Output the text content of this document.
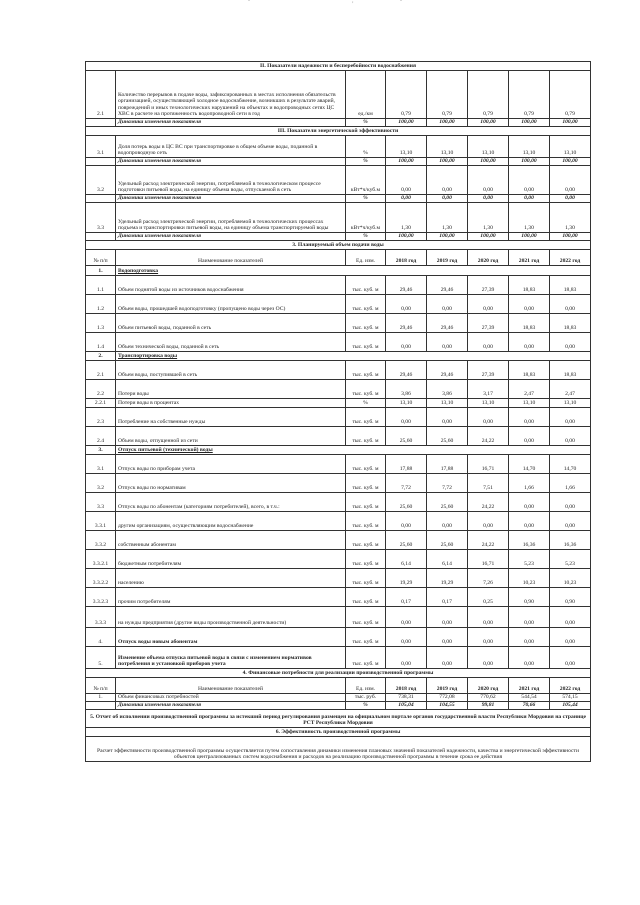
-	,	-
II. Показатели надежности и бесперебойности водоснабжения							
2.1	Количество перерывов в подаче воды, зафиксированных в местах исполнения обязательств организацией, осуществляющей холодное водоснабжение, возникших в результате аварий, повреждений и иных технологических нарушений на объектах и водопроводных сетях ЦС ХВС в расчете на протяженность водопроводной сети в год	ед./км	0,79	0,79	0,79	0,79	0,79
	Динамика изменения показателя	%	100,00	100,00	100,00	100,00	100,00
III. Показатели энергетической эффективности							
3.1	Доля потерь воды в ЦС ВС при транспортировке в общем объеме воды, поданной в водопроводную сеть	%	13,10	13,10	13,10	13,10	13,10
	Динамика изменения показателя	%	100,00	100,00	100,00	100,00	100,00
3.2	Удельный расход электрической энергии, потребляемой в технологическом процессе подготовки питьевой воды, на единицу объема воды, отпускаемой в сеть	кВт*ч/куб.м	0,00	0,00	0,00	0,00	0,00
	Динамика изменения показателя	%	0,00	0,00	0,00	0,00	0,00
3.3	Удельный расход электрической энергии, потребляемой в технологических процессах подъема и транспортировки питьевой воды, на единицу объема транспортируемой воды	кВт*ч/куб.м	1,30	1,30	1,30	1,30	1,30
	Динамика изменения показателя	%	100,00	100,00	100,00	100,00	100,00
3. Планируемый объем подачи воды							
№ п/п	Наименование показателей	Ед. изм.	2018 год	2019 год	2020 год	2021 год	2022 год
1.	Водоподготовка						
1.1	Объем поднятой воды из источников водоснабжения	тыс. куб. м	29,46	29,46	27,39	18,83	18,83
1.2	Объем воды, прошедшей водоподготовку (пропущено воды через ОС)	тыс. куб. м	0,00	0,00	0,00	0,00	0,00
1.3	Объем питьевой воды, поданной в сеть	тыс. куб. м	29,46	29,46	27,39	18,83	18,83
1.4	Объем технической воды, поданной в сеть	тыс. куб. м	0,00	0,00	0,00	0,00	0,00
2.	Транспортировка воды						
2.1	Объем воды, поступившей в сеть	тыс. куб. м	29,46	29,46	27,39	18,83	18,83
2.2	Потери воды	тыс. куб. м	3,86	3,86	3,17	2,47	2,47
2.2.1	Потери воды в процентах	%	13,10	13,10	13,10	13,10	13,10
2.3	Потребление на собственные нужды	тыс. куб. м	0,00	0,00	0,00	0,00	0,00
2.4	Объем воды, отпущенной из сети	тыс. куб. м	25,60	25,60	24,22	0,00	0,00
3.	Отпуск питьевой (технической) воды						
3.1	Отпуск воды по приборам учета	тыс. куб. м	17,88	17,88	16,71	14,70	14,70
3.2	Отпуск воды по нормативам	тыс. куб. м	7,72	7,72	7,51	1,66	1,66
3.3	Отпуск воды по абонентам (категориям потребителей), всего, в т.ч.:	тыс. куб. м	25,60	25,60	24,22	0,00	0,00
3.3.1	другим организациям, осуществляющим водоснабжение	тыс. куб. м	0,00	0,00	0,00	0,00	0,00
3.3.2	собственным абонентам	тыс. куб. м	25,60	25,60	24,22	16,36	16,36
3.3.2.1	бюджетным потребителям	тыс. куб. м	6,14	6,14	16,71	5,23	5,23
3.3.2.2	населению	тыс. куб. м	19,29	19,29	7,26	10,23	10,23
3.3.2.3	прочим потребителям	тыс. куб. м	0,17	0,17	0,25	0,90	0,90
3.3.3	на нужды предприятия (другие виды производственной деятельности)	тыс. куб. м	0,00	0,00	0,00	0,00	0,00
4.	Отпуск воды новым абонентам	тыс. куб. м	0,00	0,00	0,00	0,00	0,00
5.	Изменение объема отпуска питьевой воды в связи с изменением нормативов потребления и установкой приборов учета	тыс. куб. м	0,00	0,00	0,00	0,00	0,00
4. Финансовые потребности для реализации производственной программы							
№ п/п	Наименование показателей	Ед. изм.	2018 год	2019 год	2020 год	2021 год	2022 год
1.	Объем финансовых потребностей	тыс. руб.	738,31	772,08	770,62	544,54	574,15
	Динамика изменения показателя	%	105,04	104,55	99,81	70,66	105,44
5. Отчет об исполнении производственной программы за истекший период регулирования размещен на официальном портале органов государственной власти Республики Мордовия на странице РСТ Республики Мордовия							
6. Эффективность производственной программы							
Расчет эффективности производственной программы осуществляется путем сопоставления динамики изменения плановых значений показателей надежности, качества и энергетической эффективности объектов централизованных систем водоснабжения и расходов на реализацию производственной программы в течение срока ее действия							
